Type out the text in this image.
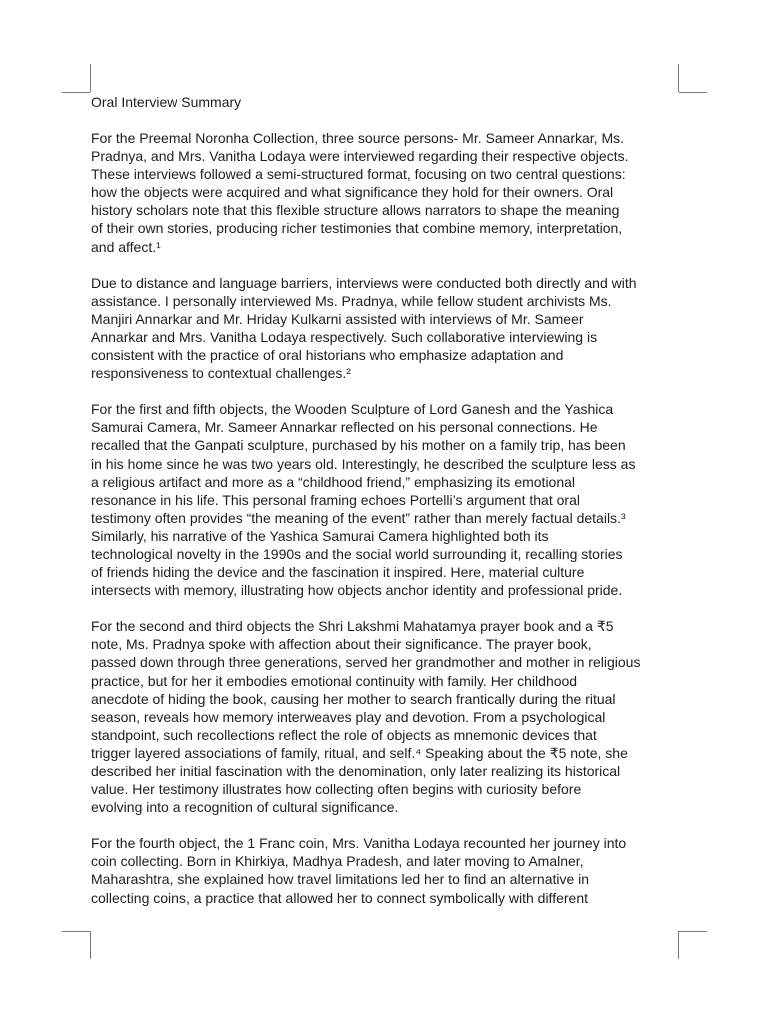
Oral Interview Summary
For the Preemal Noronha Collection, three source persons- Mr. Sameer Annarkar, Ms.
Pradnya, and Mrs. Vanitha Lodaya were interviewed regarding their respective objects.
These interviews followed a semi-structured format, focusing on two central questions:
how the objects were acquired and what significance they hold for their owners. Oral
history scholars note that this flexible structure allows narrators to shape the meaning
of their own stories, producing richer testimonies that combine memory, interpretation,
and affect.¹
Due to distance and language barriers, interviews were conducted both directly and with
assistance. I personally interviewed Ms. Pradnya, while fellow student archivists Ms.
Manjiri Annarkar and Mr. Hriday Kulkarni assisted with interviews of Mr. Sameer
Annarkar and Mrs. Vanitha Lodaya respectively. Such collaborative interviewing is
consistent with the practice of oral historians who emphasize adaptation and
responsiveness to contextual challenges.²
For the first and fifth objects, the Wooden Sculpture of Lord Ganesh and the Yashica
Samurai Camera, Mr. Sameer Annarkar reflected on his personal connections. He
recalled that the Ganpati sculpture, purchased by his mother on a family trip, has been
in his home since he was two years old. Interestingly, he described the sculpture less as
a religious artifact and more as a “childhood friend,” emphasizing its emotional
resonance in his life. This personal framing echoes Portelli’s argument that oral
testimony often provides “the meaning of the event” rather than merely factual details.³
Similarly, his narrative of the Yashica Samurai Camera highlighted both its
technological novelty in the 1990s and the social world surrounding it, recalling stories
of friends hiding the device and the fascination it inspired. Here, material culture
intersects with memory, illustrating how objects anchor identity and professional pride.
For the second and third objects the Shri Lakshmi Mahatamya prayer book and a ₹5
note, Ms. Pradnya spoke with affection about their significance. The prayer book,
passed down through three generations, served her grandmother and mother in religious
practice, but for her it embodies emotional continuity with family. Her childhood
anecdote of hiding the book, causing her mother to search frantically during the ritual
season, reveals how memory interweaves play and devotion. From a psychological
standpoint, such recollections reflect the role of objects as mnemonic devices that
trigger layered associations of family, ritual, and self.⁴ Speaking about the ₹5 note, she
described her initial fascination with the denomination, only later realizing its historical
value. Her testimony illustrates how collecting often begins with curiosity before
evolving into a recognition of cultural significance.
For the fourth object, the 1 Franc coin, Mrs. Vanitha Lodaya recounted her journey into
coin collecting. Born in Khirkiya, Madhya Pradesh, and later moving to Amalner,
Maharashtra, she explained how travel limitations led her to find an alternative in
collecting coins, a practice that allowed her to connect symbolically with different
